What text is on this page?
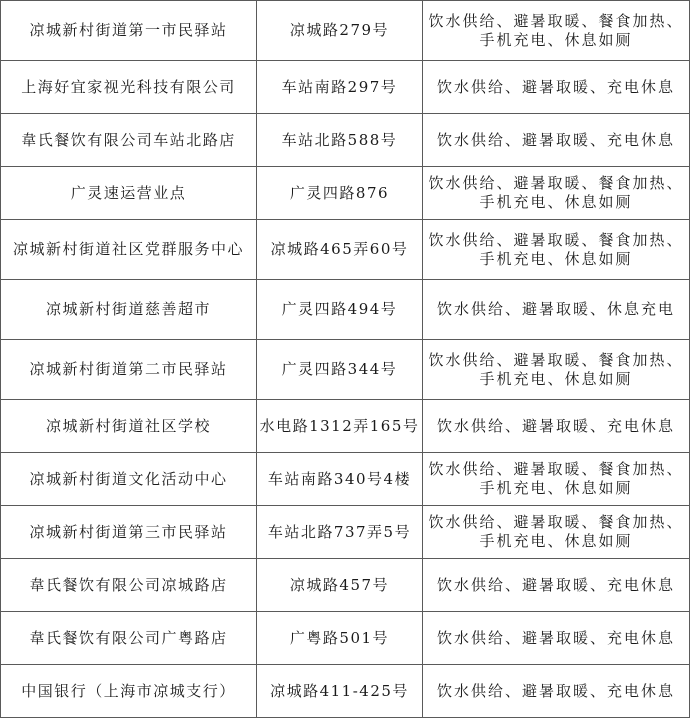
凉城新村街道第一市民驿站	凉城路279号	饮水供给、避暑取暖、餐食加热、
手机充电、休息如厕

上海好宜家视光科技有限公司	车站南路297号	饮水供给、避暑取暖、充电休息

韋氏餐饮有限公司车站北路店	车站北路588号	饮水供给、避暑取暖、充电休息

广灵速运营业点	广灵四路876	饮水供给、避暑取暖、餐食加热、
手机充电、休息如厕

凉城新村街道社区党群服务中心	凉城路465弄60号	饮水供给、避暑取暖、餐食加热、
手机充电、休息如厕

凉城新村街道慈善超市	广灵四路494号	饮水供给、避暑取暖、休息充电

凉城新村街道第二市民驿站	广灵四路344号	饮水供给、避暑取暖、餐食加热、
手机充电、休息如厕

凉城新村街道社区学校	水电路1312弄165号	饮水供给、避暑取暖、充电休息

凉城新村街道文化活动中心	车站南路340号4楼	饮水供给、避暑取暖、餐食加热、
手机充电、休息如厕

凉城新村街道第三市民驿站	车站北路737弄5号	饮水供给、避暑取暖、餐食加热、
手机充电、休息如厕

韋氏餐饮有限公司凉城路店	凉城路457号	饮水供给、避暑取暖、充电休息

韋氏餐饮有限公司广粤路店	广粤路501号	饮水供给、避暑取暖、充电休息

中国银行（上海市凉城支行）	凉城路411-425号	饮水供给、避暑取暖、充电休息
